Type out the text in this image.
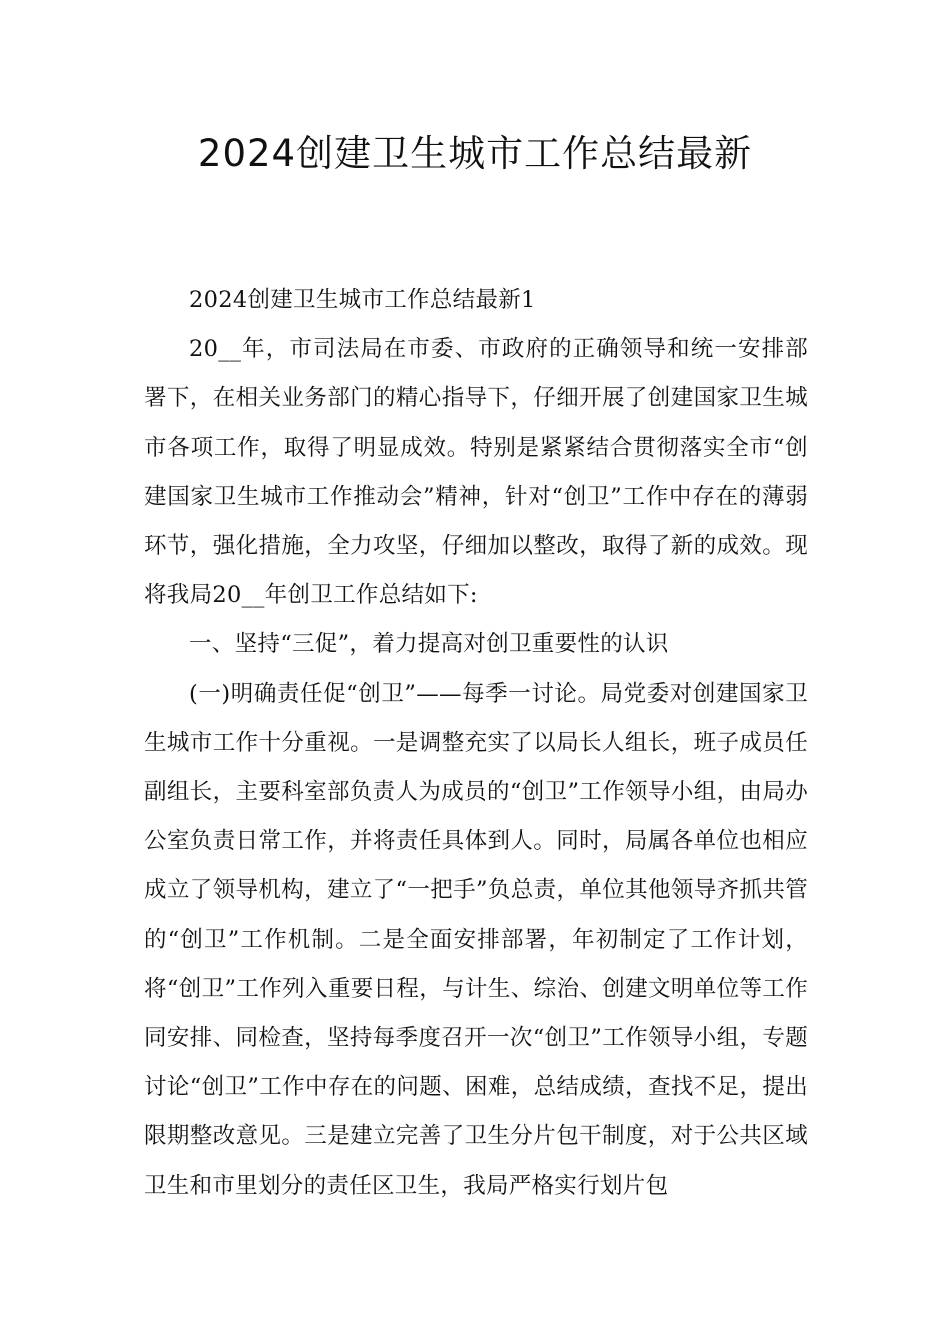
2024创建卫生城市工作总结最新

2024创建卫生城市工作总结最新1

20__年，市司法局在市委、市政府的正确领导和统一安排部署下，在相关业务部门的精心指导下，仔细开展了创建国家卫生城市各项工作，取得了明显成效。特别是紧紧结合贯彻落实全市“创建国家卫生城市工作推动会”精神，针对“创卫”工作中存在的薄弱环节，强化措施，全力攻坚，仔细加以整改，取得了新的成效。现将我局20__年创卫工作总结如下:

一、坚持“三促”，着力提高对创卫重要性的认识

(一)明确责任促“创卫”——每季一讨论。局党委对创建国家卫生城市工作十分重视。一是调整充实了以局长人组长，班子成员任副组长，主要科室部负责人为成员的“创卫”工作领导小组，由局办公室负责日常工作，并将责任具体到人。同时，局属各单位也相应成立了领导机构，建立了“一把手”负总责，单位其他领导齐抓共管的“创卫”工作机制。二是全面安排部署，年初制定了工作计划，将“创卫”工作列入重要日程，与计生、综治、创建文明单位等工作同安排、同检查，坚持每季度召开一次“创卫”工作领导小组，专题讨论“创卫”工作中存在的问题、困难，总结成绩，查找不足，提出限期整改意见。三是建立完善了卫生分片包干制度，对于公共区域卫生和市里划分的责任区卫生，我局严格实行划片包
